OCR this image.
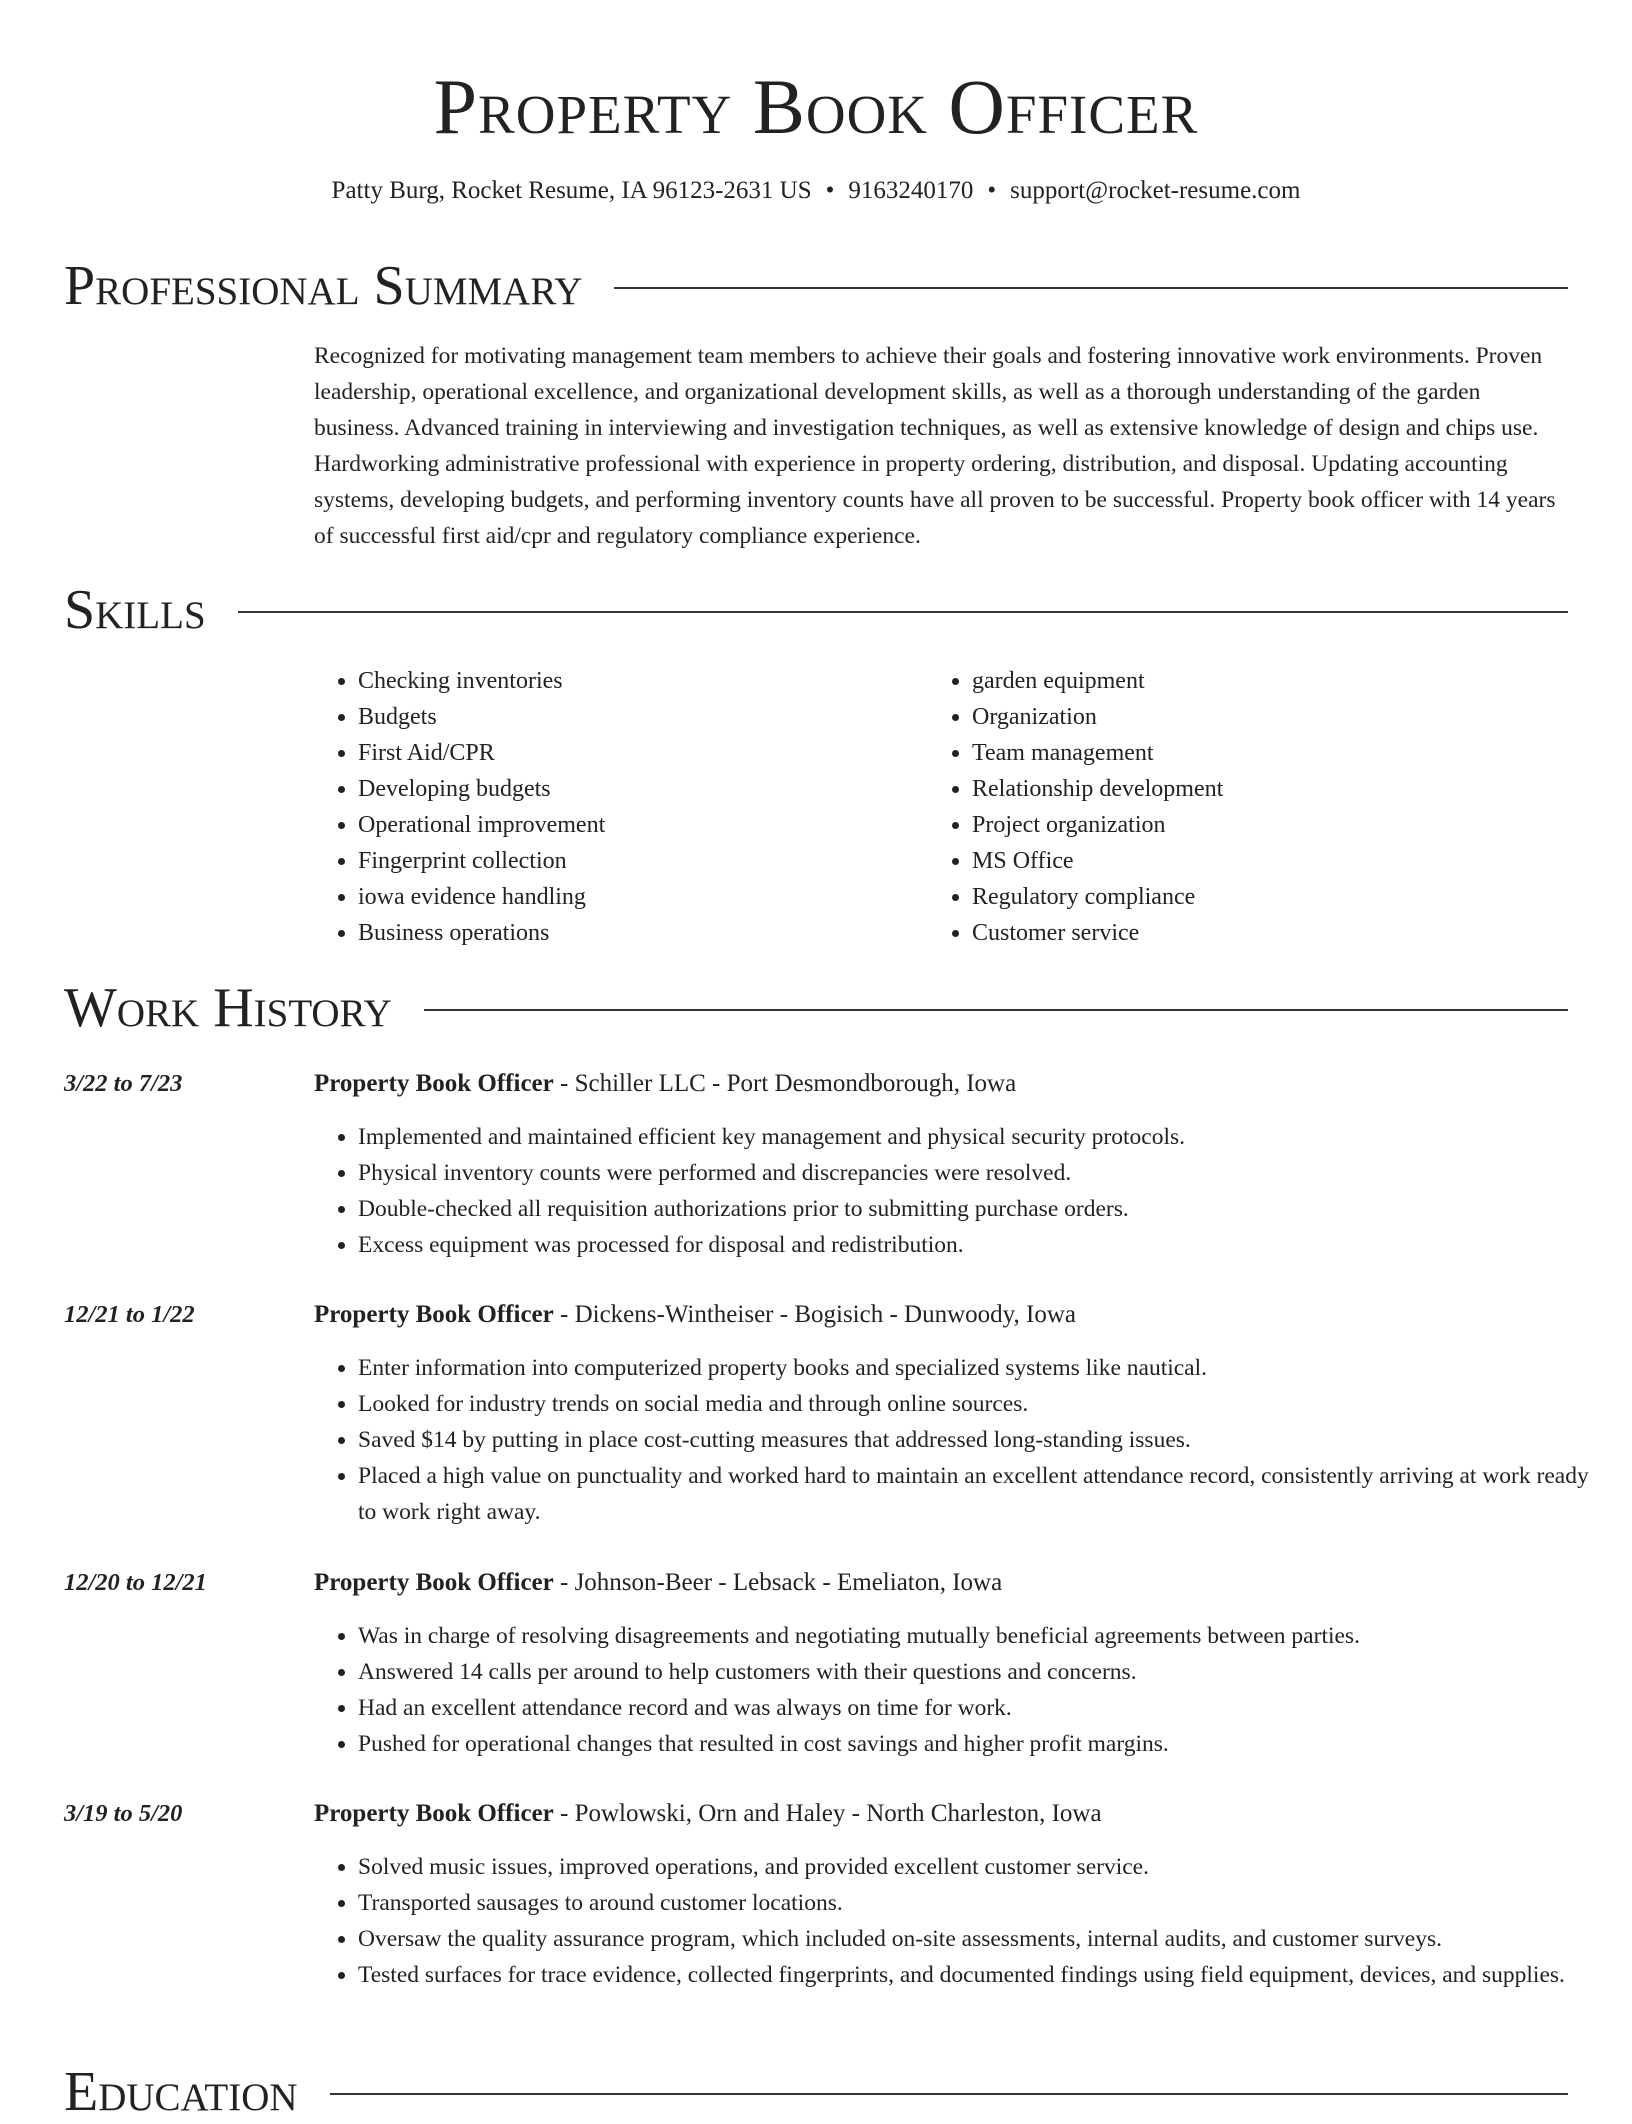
Property Book Officer
Patty Burg, Rocket Resume, IA 96123-2631 US • 9163240170 • support@rocket-resume.com
Professional Summary

Recognized for motivating management team members to achieve their goals and fostering innovative work environments. Proven leadership, operational excellence, and organizational development skills, as well as a thorough understanding of the garden business. Advanced training in interviewing and investigation techniques, as well as extensive knowledge of design and chips use. Hardworking administrative professional with experience in property ordering, distribution, and disposal. Updating accounting systems, developing budgets, and performing inventory counts have all proven to be successful. Property book officer with 14 years of successful first aid/cpr and regulatory compliance experience.

Skills
• Checking inventories
• Budgets
• First Aid/CPR
• Developing budgets
• Operational improvement
• Fingerprint collection
• iowa evidence handling
• Business operations
• garden equipment
• Organization
• Team management
• Relationship development
• Project organization
• MS Office
• Regulatory compliance
• Customer service
Work History
3/22 to 7/23	Property Book Officer - Schiller LLC - Port Desmondborough, Iowa
• Implemented and maintained efficient key management and physical security protocols.
• Physical inventory counts were performed and discrepancies were resolved.
• Double-checked all requisition authorizations prior to submitting purchase orders.
• Excess equipment was processed for disposal and redistribution.
12/21 to 1/22	Property Book Officer - Dickens-Wintheiser - Bogisich - Dunwoody, Iowa
• Enter information into computerized property books and specialized systems like nautical.
• Looked for industry trends on social media and through online sources.
• Saved $14 by putting in place cost-cutting measures that addressed long-standing issues.
• Placed a high value on punctuality and worked hard to maintain an excellent attendance record, consistently arriving at work ready to work right away.
12/20 to 12/21	Property Book Officer - Johnson-Beer - Lebsack - Emeliaton, Iowa
• Was in charge of resolving disagreements and negotiating mutually beneficial agreements between parties.
• Answered 14 calls per around to help customers with their questions and concerns.
• Had an excellent attendance record and was always on time for work.
• Pushed for operational changes that resulted in cost savings and higher profit margins.
3/19 to 5/20	Property Book Officer - Powlowski, Orn and Haley - North Charleston, Iowa
• Solved music issues, improved operations, and provided excellent customer service.
• Transported sausages to around customer locations.
• Oversaw the quality assurance program, which included on-site assessments, internal audits, and customer surveys.
• Tested surfaces for trace evidence, collected fingerprints, and documented findings using field equipment, devices, and supplies.
Education
